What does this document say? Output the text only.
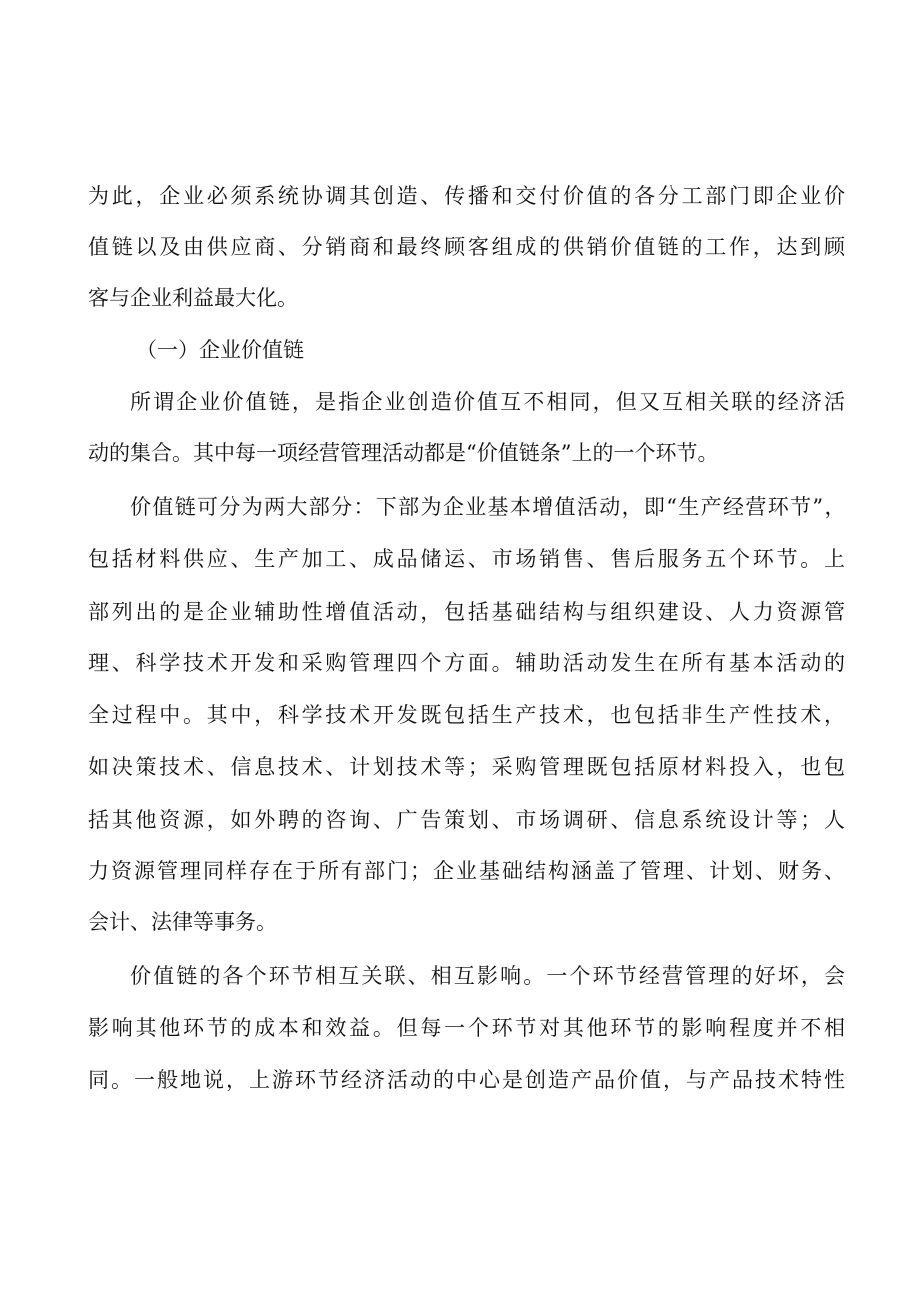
为此，企业必须系统协调其创造、传播和交付价值的各分工部门即企业价

值链以及由供应商、分销商和最终顾客组成的供销价值链的工作，达到顾

客与企业利益最大化。

（一）企业价值链

所谓企业价值链，是指企业创造价值互不相同，但又互相关联的经济活

动的集合。其中每一项经营管理活动都是“价值链条”上的一个环节。

价值链可分为两大部分：下部为企业基本增值活动，即“生产经营环节”，

包括材料供应、生产加工、成品储运、市场销售、售后服务五个环节。上

部列出的是企业辅助性增值活动，包括基础结构与组织建设、人力资源管

理、科学技术开发和采购管理四个方面。辅助活动发生在所有基本活动的

全过程中。其中，科学技术开发既包括生产技术，也包括非生产性技术，

如决策技术、信息技术、计划技术等；采购管理既包括原材料投入，也包

括其他资源，如外聘的咨询、广告策划、市场调研、信息系统设计等；人

力资源管理同样存在于所有部门；企业基础结构涵盖了管理、计划、财务、

会计、法律等事务。

价值链的各个环节相互关联、相互影响。一个环节经营管理的好坏，会

影响其他环节的成本和效益。但每一个环节对其他环节的影响程度并不相

同。一般地说，上游环节经济活动的中心是创造产品价值，与产品技术特性
